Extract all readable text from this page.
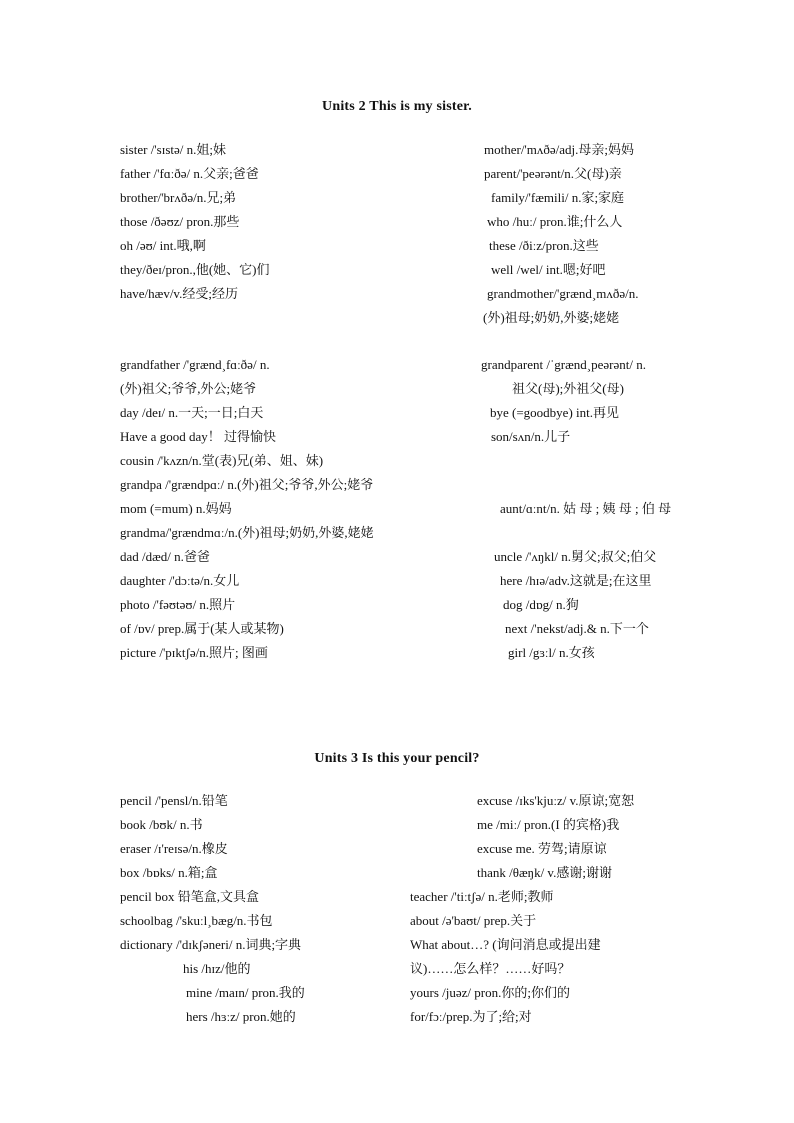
Units 2 This is my sister.
sister /'sɪstə/ n.姐;妹
father /'fɑːðə/ n.父亲;爸爸
brother/'brʌðə/n.兄;弟
those /ðəʊz/ pron.那些
oh /əʊ/ int.哦,啊
they/ðeɪ/pron.,他(她、它)们
have/hæv/v.经受;经历
grandfather /'grænd¸fɑːðə/ n.
(外)祖父;爷爷,外公;姥爷
day /deɪ/ n.一天;一日;白天
Have a good day！ 过得愉快
cousin /'kʌzn/n.堂(表)兄(弟、姐、妹)
grandpa /'grændpɑː/ n.(外)祖父;爷爷,外公;姥爷
mom (=mum) n.妈妈
grandma/'grændmɑː/n.(外)祖母;奶奶,外婆,姥姥
dad /dæd/ n.爸爸
daughter /'dɔːtə/n.女儿
photo /'fəʊtəʊ/ n.照片
of /ɒv/ prep.属于(某人或某物)
picture /'pɪktʃə/n.照片; 图画
mother/'mʌðə/adj.母亲;妈妈
parent/'peərənt/n.父(母)亲
family/'fæmili/ n.家;家庭
who /huː/ pron.谁;什么人
these /ðiːz/pron.这些
well /wel/ int.嗯;好吧
grandmother/'grænd¸mʌðə/n.
(外)祖母;奶奶,外婆;姥姥
grandparent /ˈgrænd¸peərənt/ n.
祖父(母);外祖父(母)
bye (=goodbye) int.再见
son/sʌn/n.儿子
aunt/ɑːnt/n. 姑 母 ; 姨 母 ; 伯 母
uncle /'ʌŋkl/ n.舅父;叔父;伯父
here /hɪə/adv.这就是;在这里
dog /dɒg/ n.狗
next /'nekst/adj.& n.下一个
girl /gɜːl/ n.女孩
Units 3 Is this your pencil?
pencil /'pensl/n.铅笔
book /bʊk/ n.书
eraser /ɪ'reɪsə/n.橡皮
box /bɒks/ n.箱;盒
pencil box 铅笔盒,文具盒
schoolbag /'skuːl¸bæg/n.书包
dictionary /'dɪkʃəneri/ n.词典;字典
his /hɪz/他的
mine /maɪn/ pron.我的
hers /hɜːz/ pron.她的
excuse /ɪks'kjuːz/ v.原谅;宽恕
me /miː/ pron.(I 的宾格)我
excuse me. 劳驾;请原谅
thank /θæŋk/ v.感谢;谢谢
teacher /'tiːtʃə/ n.老师;教师
about /ə'baʊt/ prep.关于
What about…? (询问消息或提出建
议)……怎么样？……好吗？
yours /juəz/ pron.你的;你们的
for/fɔː/prep.为了;给;对
